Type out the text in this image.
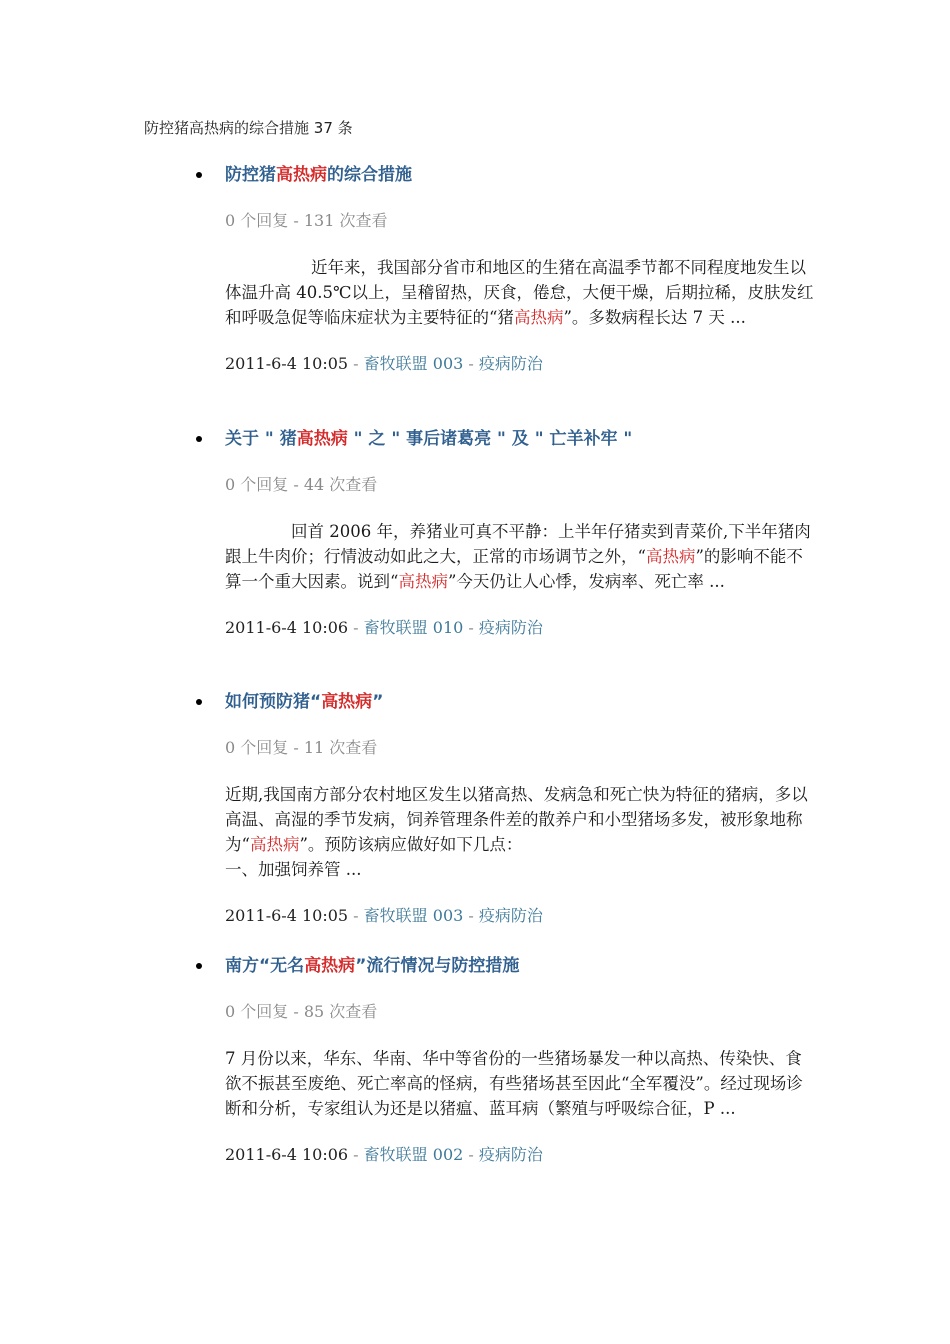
防控猪高热病的综合措施 37 条
防控猪高热病的综合措施
0 个回复 - 131 次查看
近年来，我国部分省市和地区的生猪在高温季节都不同程度地发生以体温升高 40.5℃以上，呈稽留热，厌食，倦怠，大便干燥，后期拉稀，皮肤发红和呼吸急促等临床症状为主要特征的“猪高热病”。多数病程长达 7 天 ...
2011-6-4 10:05 - 畜牧联盟 003 - 疫病防治
关于 " 猪高热病 " 之 " 事后诸葛亮 " 及 " 亡羊补牢 "
0 个回复 - 44 次查看
回首 2006 年，养猪业可真不平静：上半年仔猪卖到青菜价,下半年猪肉跟上牛肉价；行情波动如此之大，正常的市场调节之外，“高热病”的影响不能不算一个重大因素。说到“高热病”今天仍让人心悸，发病率、死亡率 ...
2011-6-4 10:06 - 畜牧联盟 010 - 疫病防治
如何预防猪“高热病”
0 个回复 - 11 次查看
近期,我国南方部分农村地区发生以猪高热、发病急和死亡快为特征的猪病，多以高温、高湿的季节发病，饲养管理条件差的散养户和小型猪场多发，被形象地称为“高热病”。预防该病应做好如下几点：
一、加强饲养管 ...
2011-6-4 10:05 - 畜牧联盟 003 - 疫病防治
南方“无名高热病”流行情况与防控措施
0 个回复 - 85 次查看
7 月份以来，华东、华南、华中等省份的一些猪场暴发一种以高热、传染快、食欲不振甚至废绝、死亡率高的怪病，有些猪场甚至因此“全军覆没”。经过现场诊断和分析，专家组认为还是以猪瘟、蓝耳病（繁殖与呼吸综合征，P ...
2011-6-4 10:06 - 畜牧联盟 002 - 疫病防治
